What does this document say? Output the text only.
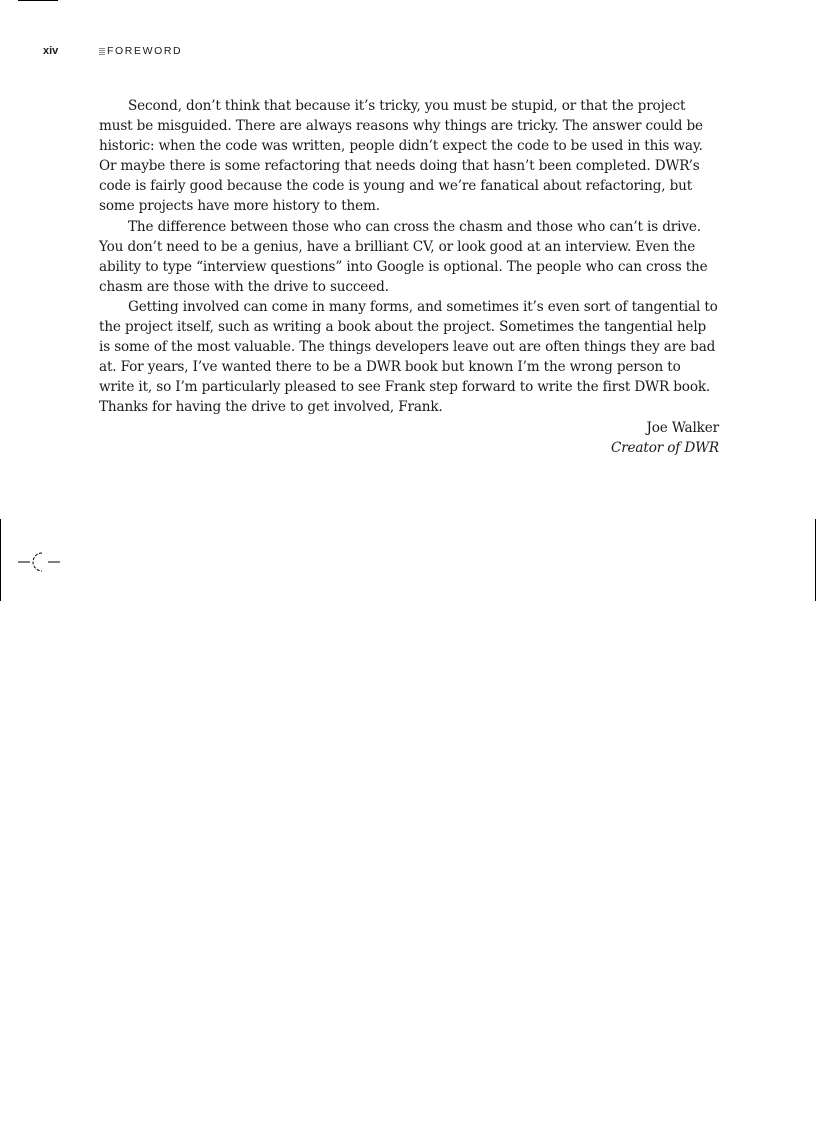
xiv	FOREWORD

Second, don’t think that because it’s tricky, you must be stupid, or that the project must be misguided. There are always reasons why things are tricky. The answer could be historic: when the code was written, people didn’t expect the code to be used in this way. Or maybe there is some refactoring that needs doing that hasn’t been completed. DWR’s code is fairly good because the code is young and we’re fanatical about refactoring, but some projects have more history to them.

The difference between those who can cross the chasm and those who can’t is drive. You don’t need to be a genius, have a brilliant CV, or look good at an interview. Even the ability to type “interview questions” into Google is optional. The people who can cross the chasm are those with the drive to succeed.

Getting involved can come in many forms, and sometimes it’s even sort of tangential to the project itself, such as writing a book about the project. Sometimes the tangential help is some of the most valuable. The things developers leave out are often things they are bad at. For years, I’ve wanted there to be a DWR book but known I’m the wrong person to write it, so I’m particularly pleased to see Frank step forward to write the first DWR book. Thanks for having the drive to get involved, Frank.

Joe Walker

Creator of DWR
